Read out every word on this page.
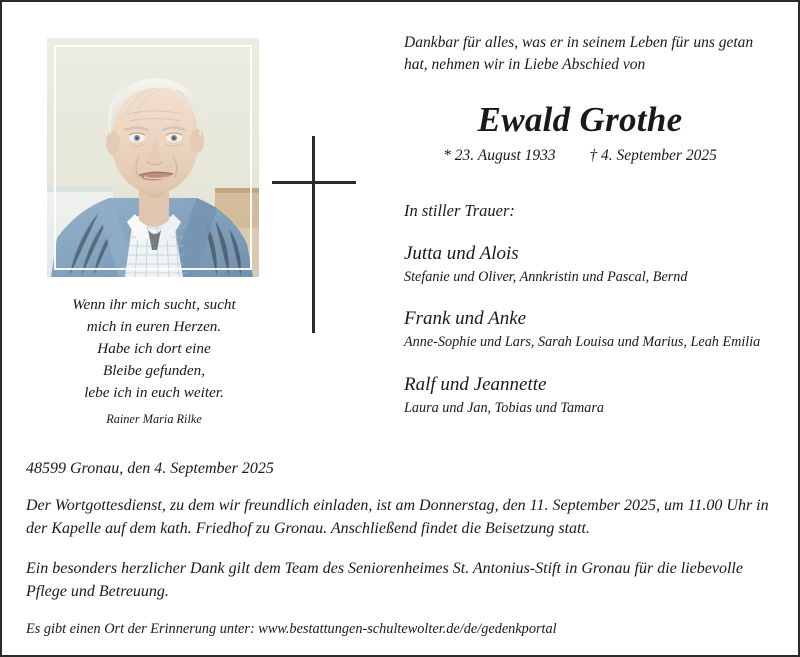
Dankbar für alles, was er in seinem Leben für uns getan hat, nehmen wir in Liebe Abschied von

Ewald Grothe

* 23. August 1933 † 4. September 2025

In stiller Trauer:

Jutta und Alois

Stefanie und Oliver, Annkristin und Pascal, Bernd

Frank und Anke

Anne-Sophie und Lars, Sarah Louisa und Marius, Leah Emilia

Ralf und Jeannette

Laura und Jan, Tobias und Tamara

Wenn ihr mich sucht, sucht

mich in euren Herzen.

Habe ich dort eine

Bleibe gefunden,

lebe ich in euch weiter.

Rainer Maria Rilke

48599 Gronau, den 4. September 2025

Der Wortgottesdienst, zu dem wir freundlich einladen, ist am Donnerstag, den 11. September 2025, um 11.00 Uhr in der Kapelle auf dem kath. Friedhof zu Gronau. Anschließend findet die Beisetzung statt.

Ein besonders herzlicher Dank gilt dem Team des Seniorenheimes St. Antonius-Stift in Gronau für die liebevolle Pflege und Betreuung.

Es gibt einen Ort der Erinnerung unter: www.bestattungen-schultewolter.de/de/gedenkportal
